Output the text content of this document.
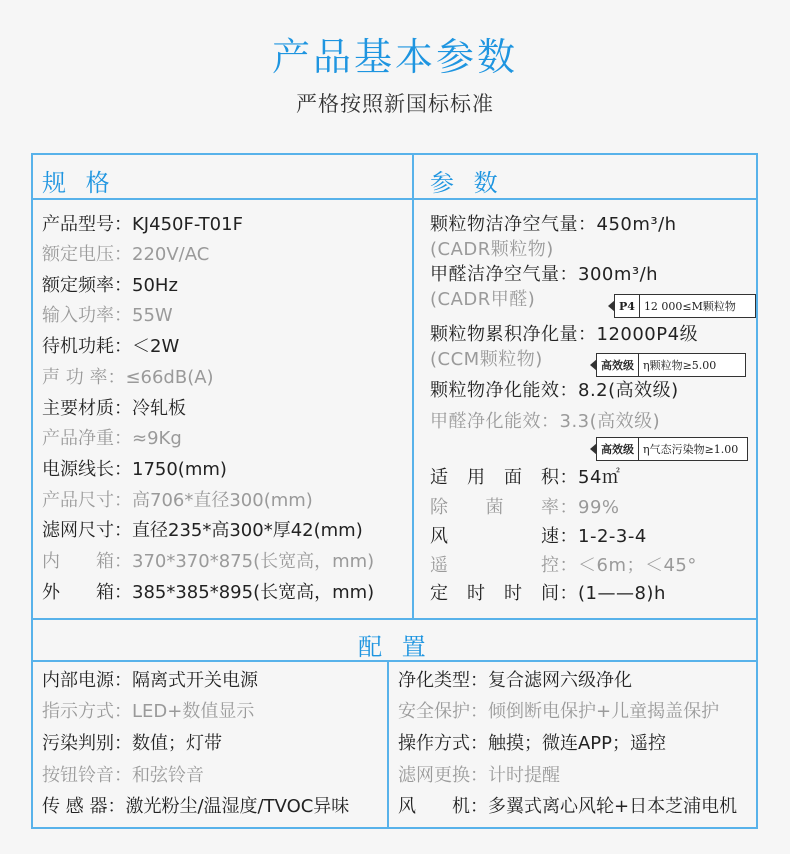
产品基本参数
严格按照新国标标准
规 格	参 数
配 置
产品型号：KJ450F-T01F
额定电压：220V/AC
额定频率：50Hz
输入功率：55W
待机功耗：＜2W
声 功 率：≤66dB(A)
主要材质：冷轧板
产品净重：≈9Kg
电源线长：1750(mm)
产品尺寸：高706*直径300(mm)
滤网尺寸：直径235*高300*厚42(mm)
内　　箱：370*370*875(长宽高，mm)
外　　箱：385*385*895(长宽高，mm)
颗粒物洁净空气量：450m³/h
(CADR颗粒物)
甲醛洁净空气量：300m³/h
(CADR甲醛)
颗粒物累积净化量：12000P4级
(CCM颗粒物)
颗粒物净化能效：8.2(高效级)
甲醛净化能效：3.3(高效级)
适　用　面　积：54㎡
除　　菌　　率：99%
风　　　　　速：1-2-3-4
遥　　　　　控：＜6m；＜45°
定　时　时　间：(1——8)h
P4 12 000≤M颗粒物
高效级 η颗粒物≥5.00
高效级 η气态污染物≥1.00
内部电源：隔离式开关电源
指示方式：LED+数值显示
污染判别：数值；灯带
按钮铃音：和弦铃音
传 感 器：激光粉尘/温湿度/TVOC异味
净化类型：复合滤网六级净化
安全保护：倾倒断电保护+儿童揭盖保护
操作方式：触摸；微连APP；遥控
滤网更换：计时提醒
风　　机：多翼式离心风轮+日本芝浦电机
